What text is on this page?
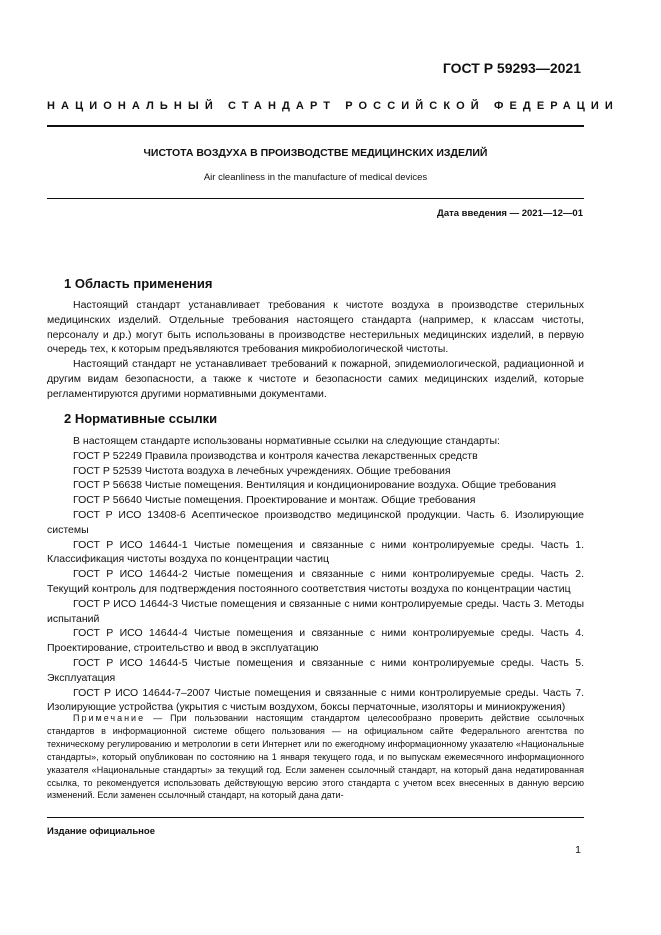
ГОСТ Р 59293—2021
НАЦИОНАЛЬНЫЙ СТАНДАРТ РОССИЙСКОЙ ФЕДЕРАЦИИ
ЧИСТОТА ВОЗДУХА В ПРОИЗВОДСТВЕ МЕДИЦИНСКИХ ИЗДЕЛИЙ
Air cleanliness in the manufacture of medical devices
Дата введения — 2021—12—01
1 Область применения

Настоящий стандарт устанавливает требования к чистоте воздуха в производстве стерильных медицинских изделий. Отдельные требования настоящего стандарта (например, к классам чистоты, персоналу и др.) могут быть использованы в производстве нестерильных медицинских изделий, в первую очередь тех, к которым предъявляются требования микробиологической чистоты.

Настоящий стандарт не устанавливает требований к пожарной, эпидемиологической, радиационной и другим видам безопасности, а также к чистоте и безопасности самих медицинских изделий, которые регламентируются другими нормативными документами.

2 Нормативные ссылки

В настоящем стандарте использованы нормативные ссылки на следующие стандарты:

ГОСТ Р 52249 Правила производства и контроля качества лекарственных средств

ГОСТ Р 52539 Чистота воздуха в лечебных учреждениях. Общие требования

ГОСТ Р 56638 Чистые помещения. Вентиляция и кондиционирование воздуха. Общие требования

ГОСТ Р 56640 Чистые помещения. Проектирование и монтаж. Общие требования

ГОСТ Р ИСО 13408-6 Асептическое производство медицинской продукции. Часть 6. Изолирующие системы

ГОСТ Р ИСО 14644-1 Чистые помещения и связанные с ними контролируемые среды. Часть 1. Классификация чистоты воздуха по концентрации частиц

ГОСТ Р ИСО 14644-2 Чистые помещения и связанные с ними контролируемые среды. Часть 2. Текущий контроль для подтверждения постоянного соответствия чистоты воздуха по концентрации частиц

ГОСТ Р ИСО 14644-3 Чистые помещения и связанные с ними контролируемые среды. Часть 3. Методы испытаний

ГОСТ Р ИСО 14644-4 Чистые помещения и связанные с ними контролируемые среды. Часть 4. Проектирование, строительство и ввод в эксплуатацию

ГОСТ Р ИСО 14644-5 Чистые помещения и связанные с ними контролируемые среды. Часть 5. Эксплуатация

ГОСТ Р ИСО 14644-7–2007 Чистые помещения и связанные с ними контролируемые среды. Часть 7. Изолирующие устройства (укрытия с чистым воздухом, боксы перчаточные, изоляторы и миниокружения)

Примечание — При пользовании настоящим стандартом целесообразно проверить действие ссылочных стандартов в информационной системе общего пользования — на официальном сайте Федерального агентства по техническому регулированию и метрологии в сети Интернет или по ежегодному информационному указателю «Национальные стандарты», который опубликован по состоянию на 1 января текущего года, и по выпускам ежемесячного информационного указателя «Национальные стандарты» за текущий год. Если заменен ссылочный стандарт, на который дана недатированная ссылка, то рекомендуется использовать действующую версию этого стандарта с учетом всех внесенных в данную версию изменений. Если заменен ссылочный стандарт, на который дана дати-
Издание официальное
1
